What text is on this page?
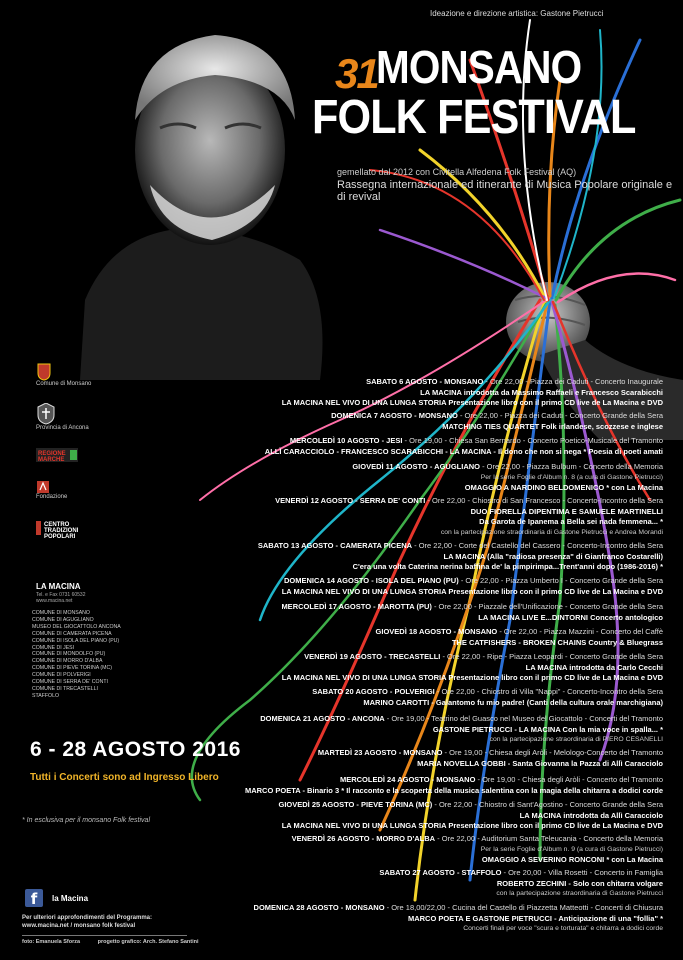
Ideazione e direzione artistica: Gastone Pietrucci
31
MONSANO
FOLK FESTIVAL
gemellato dal 2012 con Civitella Alfedena Folk Festival (AQ)
Rassegna internazionale ed itinerante di Musica Popolare originale e di revival
Comune di Monsano
Provincia di Ancona
REGIONE MARCHE
Fondazione
CENTRO TRADIZIONI POPOLARI
LA MACINA
Tel. e Fax 0731 60532 www.macina.net
COMUNE DI MONSANO
COMUNE DI AGUGLIANO
MUSEO DEL GIOCATTOLO ANCONA
COMUNE DI CAMERATA PICENA
COMUNE DI ISOLA DEL PIANO (PU)
COMUNE DI JESI
COMUNE DI MONDOLFO (PU)
COMUNE DI MORRO D'ALBA
COMUNE DI PIEVE TORINA (MC)
COMUNE DI POLVERIGI
COMUNE DI SERRA DE' CONTI
COMUNE DI TRECASTELLI
STAFFOLO
6 - 28 AGOSTO 2016
Tutti i Concerti sono ad Ingresso Libero
* In esclusiva per il monsano Folk festival
f	la Macina
Per ulteriori approfondimenti del Programma:
www.macina.net / monsano folk festival
foto: Emanuela Sforza	progetto grafico: Arch. Stefano Santini
SABATO 6 AGOSTO - MONSANO - Ore 22,00 - Piazza dei Caduti - Concerto Inaugurale
LA MACINA introdotta da Massimo Raffaeli e Francesco Scarabicchi
LA MACINA NEL VIVO DI UNA LUNGA STORIA Presentazione libro con il primo CD live de La Macina e DVD
DOMENICA 7 AGOSTO - MONSANO - Ore 22,00 - Piazza dei Caduti - Concerto Grande della Sera
MATCHING TIES QUARTET Folk irlandese, scozzese e inglese
MERCOLEDÌ 10 AGOSTO - JESI - Ore 19,00 - Chiesa San Bernardo - Concerto Poetico-Musicale del Tramonto
ALLÌ CARACCIOLO - FRANCESCO SCARABICCHI - LA MACINA - Il dono che non si nega * Poesia di poeti amati
GIOVEDÌ 11 AGOSTO - AGUGLIANO - Ore 22,00 - Piazza Bulbum - Concerto della Memoria
Per la serie Foglie d'Album n. 8 (a cura di Gastone Pietrucci)
OMAGGIO A NARDINO BELDOMENICO * con La Macina
VENERDÌ 12 AGOSTO - SERRA DE' CONTI - Ore 22,00 - Chiostro di San Francesco - Concerto-Incontro della Sera
DUO FIORELLA DIPENTIMA E SAMUELE MARTINELLI
Da Garota de Ipanema a Bella sei nada femmena... *
con la partecipazione straordinaria di Gastone Pietrucci e Andrea Morandi
SABATO 13 AGOSTO - CAMERATA PICENA - Ore 22,00 - Corte del Castello del Cassero - Concerto-Incontro della Sera
LA MACINA (Alla "radiosa presenza" di Gianfranco Costarelli)
C'era una volta Caterina nerina baffina de' la pimpirimpa...Trent'anni dopo (1986-2016) *
DOMENICA 14 AGOSTO - ISOLA DEL PIANO (PU) - Ore 22,00 - Piazza Umberto I - Concerto Grande della Sera
LA MACINA NEL VIVO DI UNA LUNGA STORIA Presentazione libro con il primo CD live de La Macina e DVD
MERCOLEDÌ 17 AGOSTO - MAROTTA (PU) - Ore 22,00 - Piazzale dell'Unificazione - Concerto Grande della Sera
LA MACINA LIVE E...DINTORNI Concerto antologico
GIOVEDÌ 18 AGOSTO - MONSANO - Ore 22,00 - Piazza Mazzini - Concerto del Caffè
THE CATFISHERS - BROKEN CHAINS Country & Bluegrass
VENERDÌ 19 AGOSTO - TRECASTELLI - Ore 22,00 - Ripe - Piazza Leopardi - Concerto Grande della Sera
LA MACINA introdotta da Carlo Cecchi
LA MACINA NEL VIVO DI UNA LUNGA STORIA Presentazione libro con il primo CD live de La Macina e DVD
SABATO 20 AGOSTO - POLVERIGI - Ore 22,00 - Chiostro di Villa "Nappi" - Concerto-Incontro della Sera
MARINO CAROTTI - Galantomo fu mio padre! (Canti della cultura orale marchigiana)
DOMENICA 21 AGOSTO - ANCONA - Ore 19,00 - Teatrino del Guasco nel Museo del Giocattolo - Concerti del Tramonto
GASTONE PIETRUCCI - LA MACINA Con la mia voce in spalla... *
con la partecipazione straordinaria di PIERO CESANELLI
MARTEDÌ 23 AGOSTO - MONSANO - Ore 19,00 - Chiesa degli Aròli - Melologo-Concerto del Tramonto
MARIA NOVELLA GOBBI - Santa Giovanna la Pazza di Allì Caracciolo
MERCOLEDÌ 24 AGOSTO - MONSANO - Ore 19,00 - Chiesa degli Aròli - Concerto del Tramonto
MARCO POETA - Binario 3 * Il racconto e la scoperta della musica salentina con la magia della chitarra a dodici corde
GIOVEDÌ 25 AGOSTO - PIEVE TORINA (MC) - Ore 22,00 - Chiostro di Sant'Agostino - Concerto Grande della Sera
LA MACINA introdotta da Allì Caracciolo
LA MACINA NEL VIVO DI UNA LUNGA STORIA Presentazione libro con il primo CD live de La Macina e DVD
VENERDÌ 26 AGOSTO - MORRO D'ALBA - Ore 22,00 - Auditorium Santa Teleucania - Concerto della Memoria
Per la serie Foglie d'Album n. 9 (a cura di Gastone Pietrucci)
OMAGGIO A SEVERINO RONCONI * con La Macina
SABATO 27 AGOSTO - STAFFOLO - Ore 20,00 - Villa Rosetti - Concerto in Famiglia
ROBERTO ZECHINI - Solo con chitarra volgare
con la partecipazione straordinaria di Gastone Pietrucci
DOMENICA 28 AGOSTO - MONSANO - Ore 18,00/22,00 - Cucina del Castello di Piazzetta Matteotti - Concerti di Chiusura
MARCO POETA E GASTONE PIETRUCCI - Anticipazione di una "follia" *
Concerti finali per voce "scura e torturata" e chitarra a dodici corde
